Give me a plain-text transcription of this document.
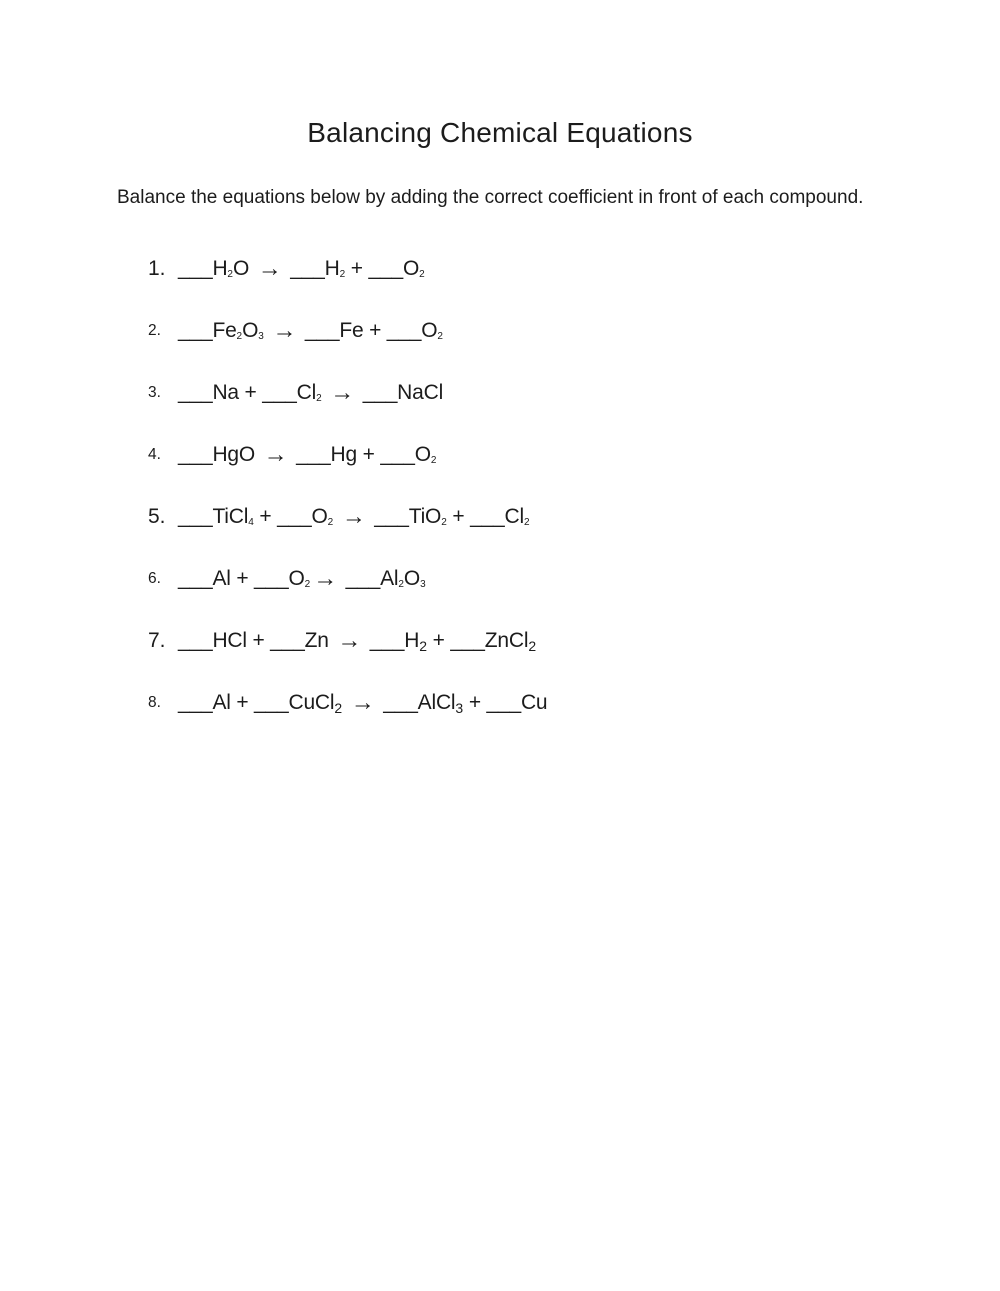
Balancing Chemical Equations

Balance the equations below by adding the correct coefficient in front of each compound.

1. ___H2O → ___H2 + ___O2
2. ___Fe2O3 → ___Fe + ___O2
3. ___Na + ___Cl2 → ___NaCl
4. ___HgO → ___Hg + ___O2
5. ___TiCl4 + ___O2 → ___TiO2 + ___Cl2
6. ___Al + ___O2 → ___Al2O3
7. ___HCl + ___Zn → ___H2 + ___ZnCl2
8. ___Al + ___CuCl2 → ___AlCl3 + ___Cu
